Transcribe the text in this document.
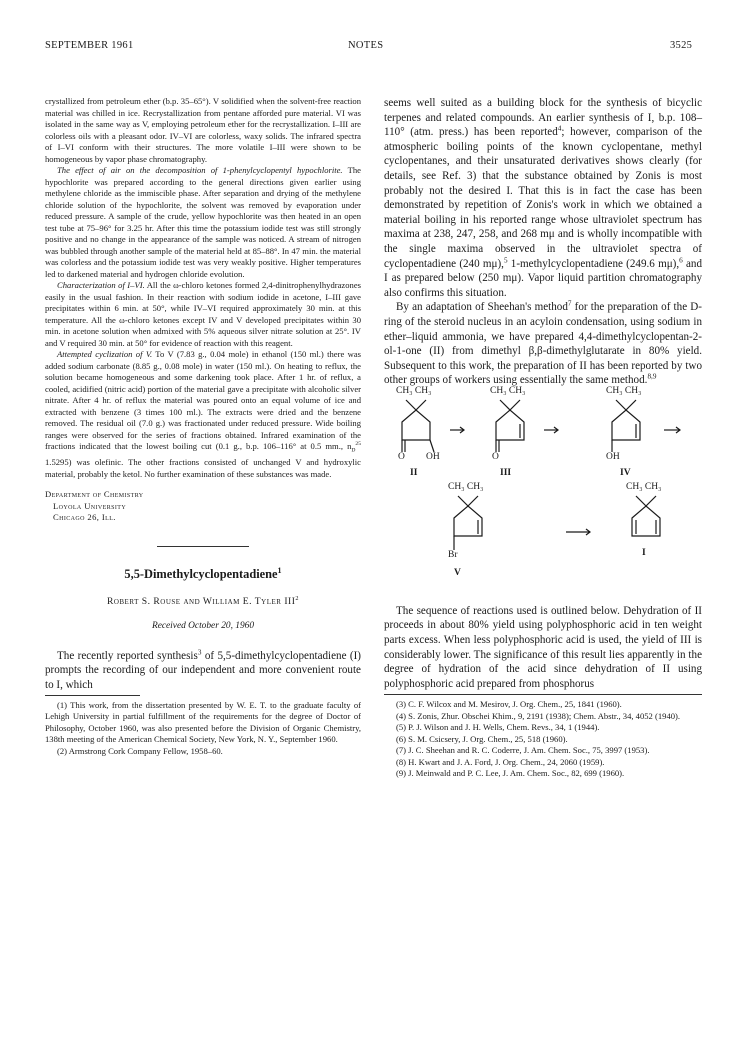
SEPTEMBER 1961	NOTES	3525

crystallized from petroleum ether (b.p. 35–65°). V solidified when the solvent-free reaction material was chilled in ice. Recrystallization from pentane afforded pure material. VI was isolated in the same way as V, employing petroleum ether for the recrystallization. I–III are colorless oils with a pleasant odor. IV–VI are colorless, waxy solids. The infrared spectra of I–VI conform with their structures. The more volatile I–III were shown to be homogeneous by vapor phase chromatography.

The effect of air on the decomposition of 1-phenylcyclopentyl hypochlorite. The hypochlorite was prepared according to the general directions given earlier using methylene chloride as the immiscible phase. After separation and drying of the methylene chloride solution of the hypochlorite, the solvent was removed by evaporation under reduced pressure. A sample of the crude, yellow hypochlorite was then heated in an open test tube at 75–96° for 3.25 hr. After this time the potassium iodide test was still strongly positive and no change in the appearance of the sample was noticed. A stream of nitrogen was bubbled through another sample of the material held at 85–88°. In 47 min. the material was colorless and the potassium iodide test was very weakly positive. Higher temperatures led to darkened material and hydrogen chloride evolution.

Characterization of I–VI. All the ω-chloro ketones formed 2,4-dinitrophenylhydrazones easily in the usual fashion. In their reaction with sodium iodide in acetone, I–III gave precipitates within 6 min. at 50°, while IV–VI required approximately 30 min. at this temperature. All the ω-chloro ketones except IV and V developed precipitates within 30 min. in acetone solution when admixed with 5% aqueous silver nitrate solution at 25°. IV and V required 30 min. at 50° for evidence of reaction with this reagent.

Attempted cyclization of V. To V (7.83 g., 0.04 mole) in ethanol (150 ml.) there was added sodium carbonate (8.85 g., 0.08 mole) in water (150 ml.). On heating to reflux, the solution became homogeneous and some darkening took place. After 1 hr. of reflux, a cooled, acidified (nitric acid) portion of the material gave a precipitate with alcoholic silver nitrate. After 4 hr. of reflux the material was poured onto an equal volume of ice and extracted with benzene (3 times 100 ml.). The extracts were dried and the benzene removed. The residual oil (7.0 g.) was fractionated under reduced pressure. Wide boiling ranges were observed for the series of fractions obtained. Infrared examination of the fractions indicated that the lowest boiling cut (0.1 g., b.p. 106–116° at 0.5 mm., $n_D^{25}$ 1.5295) was olefinic. The other fractions consisted of unchanged V and hydroxylic material, probably the ketol. No further examination of these substances was made.

Department of Chemistry
Loyola University
Chicago 26, Ill.
5,5-Dimethylcyclopentadiene$^1$
Robert S. Rouse and William E. Tyler III$^2$
Received October 20, 1960

The recently reported synthesis$^3$ of 5,5-dimethylcyclopentadiene (I) prompts the recording of our independent and more convenient route to I, which

(1) This work, from the dissertation presented by W. E. T. to the graduate faculty of Lehigh University in partial fulfillment of the requirements for the degree of Doctor of Philosophy, October 1960, was also presented before the Division of Organic Chemistry, 138th meeting of the American Chemical Society, New York, N. Y., September 1960.

(2) Armstrong Cork Company Fellow, 1958–60.

seems well suited as a building block for the synthesis of bicyclic terpenes and related compounds. An earlier synthesis of I, b.p. 108–110° (atm. press.) has been reported$^4$; however, comparison of the atmospheric boiling points of the known cyclopentane, methyl cyclopentanes, and their unsaturated derivatives shows clearly (for details, see Ref. 3) that the substance obtained by Zonis is most probably not the desired I. That this is in fact the case has been demonstrated by repetition of Zonis's work in which we obtained a material boiling in his reported range whose ultraviolet spectrum has maxima at 238, 247, 258, and 268 mμ and is wholly incompatible with the single maxima observed in the ultraviolet spectra of cyclopentadiene (240 mμ),$^5$ 1-methylcyclopentadiene (249.6 mμ),$^6$ and I as prepared below (250 mμ). Vapor liquid partition chromatography also confirms this situation.

By an adaptation of Sheehan's method$^7$ for the preparation of the D-ring of the steroid nucleus in an acyloin condensation, using sodium in ether–liquid ammonia, we have prepared 4,4-dimethylcyclopentan-2-ol-1-one (II) from dimethyl β,β-dimethylglutarate in 80% yield. Subsequent to this work, the preparation of II has been reported by two other groups of workers using essentially the same method.$^{8,9}$

CH₃ CH₃	CH₃ CH₃	CH₃ CH₃
O OH	O	OH
II	III	IV
CH₃ CH₃	CH₃ CH₃
Br
V
I

The sequence of reactions used is outlined below. Dehydration of II proceeds in about 80% yield using polyphosphoric acid in ten weight parts excess. When less polyphosphoric acid is used, the yield of III is considerably lower. The significance of this result lies apparently in the degree of hydration of the acid since dehydration of II using polyphosphoric acid prepared from phosphorus

(3) C. F. Wilcox and M. Mesirov, J. Org. Chem., 25, 1841 (1960).

(4) S. Zonis, Zhur. Obschei Khim., 9, 2191 (1938); Chem. Abstr., 34, 4052 (1940).

(5) P. J. Wilson and J. H. Wells, Chem. Revs., 34, 1 (1944).

(6) S. M. Csicsery, J. Org. Chem., 25, 518 (1960).

(7) J. C. Sheehan and R. C. Coderre, J. Am. Chem. Soc., 75, 3997 (1953).

(8) H. Kwart and J. A. Ford, J. Org. Chem., 24, 2060 (1959).

(9) J. Meinwald and P. C. Lee, J. Am. Chem. Soc., 82, 699 (1960).
